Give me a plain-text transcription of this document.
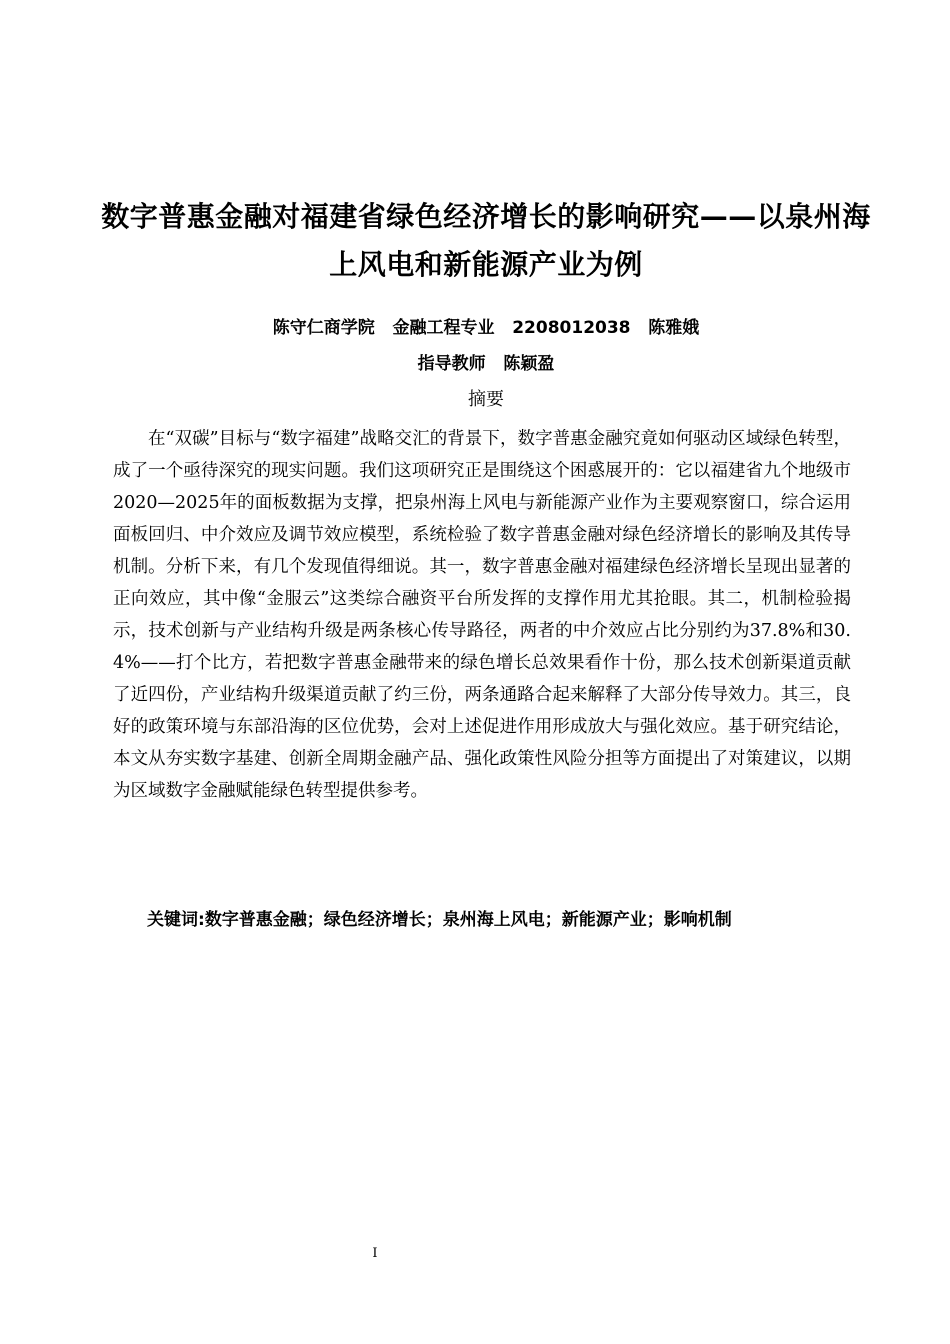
数字普惠金融对福建省绿色经济增长的影响研究——以泉州海上风电和新能源产业为例

陈守仁商学院   金融工程专业   2208012038   陈雅娥

指导教师   陈颖盈

摘要

在“双碳”目标与“数字福建”战略交汇的背景下，数字普惠金融究竟如何驱动区域绿色转型，成了一个亟待深究的现实问题。我们这项研究正是围绕这个困惑展开的：它以福建省九个地级市2020—2025年的面板数据为支撑，把泉州海上风电与新能源产业作为主要观察窗口，综合运用面板回归、中介效应及调节效应模型，系统检验了数字普惠金融对绿色经济增长的影响及其传导机制。分析下来，有几个发现值得细说。其一，数字普惠金融对福建绿色经济增长呈现出显著的正向效应，其中像“金服云”这类综合融资平台所发挥的支撑作用尤其抢眼。其二，机制检验揭示，技术创新与产业结构升级是两条核心传导路径，两者的中介效应占比分别约为37.8%和30.4%——打个比方，若把数字普惠金融带来的绿色增长总效果看作十份，那么技术创新渠道贡献了近四份，产业结构升级渠道贡献了约三份，两条通路合起来解释了大部分传导效力。其三，良好的政策环境与东部沿海的区位优势，会对上述促进作用形成放大与强化效应。基于研究结论，本文从夯实数字基建、创新全周期金融产品、强化政策性风险分担等方面提出了对策建议，以期为区域数字金融赋能绿色转型提供参考。

关键词:数字普惠金融；绿色经济增长；泉州海上风电；新能源产业；影响机制

I
